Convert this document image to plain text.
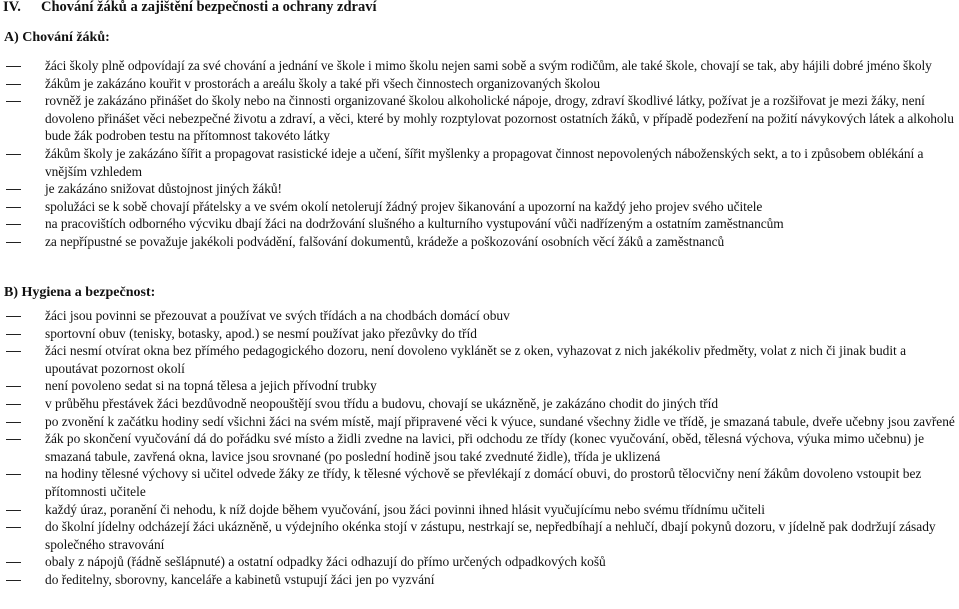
IV. Chování žáků a zajištění bezpečnosti a ochrany zdraví
A) Chování žáků:
žáci školy plně odpovídají za své chování a jednání ve škole i mimo školu nejen sami sobě a svým rodičům, ale také škole, chovají se tak, aby hájili dobré jméno školy
žákům je zakázáno kouřit v prostorách a areálu školy a také při všech činnostech organizovaných školou
rovněž je zakázáno přinášet do školy nebo na činnosti organizované školou alkoholické nápoje, drogy, zdraví škodlivé látky, požívat je a rozšiřovat je mezi žáky, není dovoleno přinášet věci nebezpečné životu a zdraví, a věci, které by mohly rozptylovat pozornost ostatních žáků, v případě podezření na požití návykových látek a alkoholu bude žák podroben testu na přítomnost takovéto látky
žákům školy je zakázáno šířit a propagovat rasistické ideje a učení, šířit myšlenky a propagovat činnost nepovolených náboženských sekt, a to i způsobem oblékání a vnějším vzhledem
je zakázáno snižovat důstojnost jiných žáků!
spolužáci se k sobě chovají přátelsky a ve svém okolí netolerují žádný projev šikanování a upozorní na každý jeho projev svého učitele
na pracovištích odborného výcviku dbají žáci na dodržování slušného a kulturního vystupování vůči nadřízeným a ostatním zaměstnancům
za nepřípustné se považuje jakékoli podvádění, falšování dokumentů, krádeže a poškozování osobních věcí žáků a zaměstnanců
B) Hygiena a bezpečnost:
žáci jsou povinni se přezouvat a používat ve svých třídách a na chodbách domácí obuv
sportovní obuv (tenisky, botasky, apod.) se nesmí používat jako přezůvky do tříd
žáci nesmí otvírat okna bez přímého pedagogického dozoru, není dovoleno vyklánět se z oken, vyhazovat z nich jakékoliv předměty, volat z nich či jinak budit a upoutávat pozornost okolí
není povoleno sedat si na topná tělesa a jejich přívodní trubky
v průběhu přestávek žáci bezdůvodně neopouštějí svou třídu a budovu, chovají se ukázněně, je zakázáno chodit do jiných tříd
po zvonění k začátku hodiny sedí všichni žáci na svém místě, mají připravené věci k výuce, sundané všechny židle ve třídě, je smazaná tabule, dveře učebny jsou zavřené
žák po skončení vyučování dá do pořádku své místo a židli zvedne na lavici, při odchodu ze třídy (konec vyučování, oběd, tělesná výchova, výuka mimo učebnu) je smazaná tabule, zavřená okna, lavice jsou srovnané (po poslední hodině jsou také zvednuté židle), třída je uklizená
na hodiny tělesné výchovy si učitel odvede žáky ze třídy, k tělesné výchově se převlékají z domácí obuvi, do prostorů tělocvičny není žákům dovoleno vstoupit bez přítomnosti učitele
každý úraz, poranění či nehodu, k níž dojde během vyučování, jsou žáci povinni ihned hlásit vyučujícímu nebo svému třídnímu učiteli
do školní jídelny odcházejí žáci ukázněně, u výdejního okénka stojí v zástupu, nestrkají se, nepředbíhají a nehlučí, dbají pokynů dozoru, v jídelně pak dodržují zásady společného stravování
obaly z nápojů (řádně sešlápnuté) a ostatní odpadky žáci odhazují do přímo určených odpadkových košů
do ředitelny, sborovny, kanceláře a kabinetů vstupují žáci jen po vyzvání
